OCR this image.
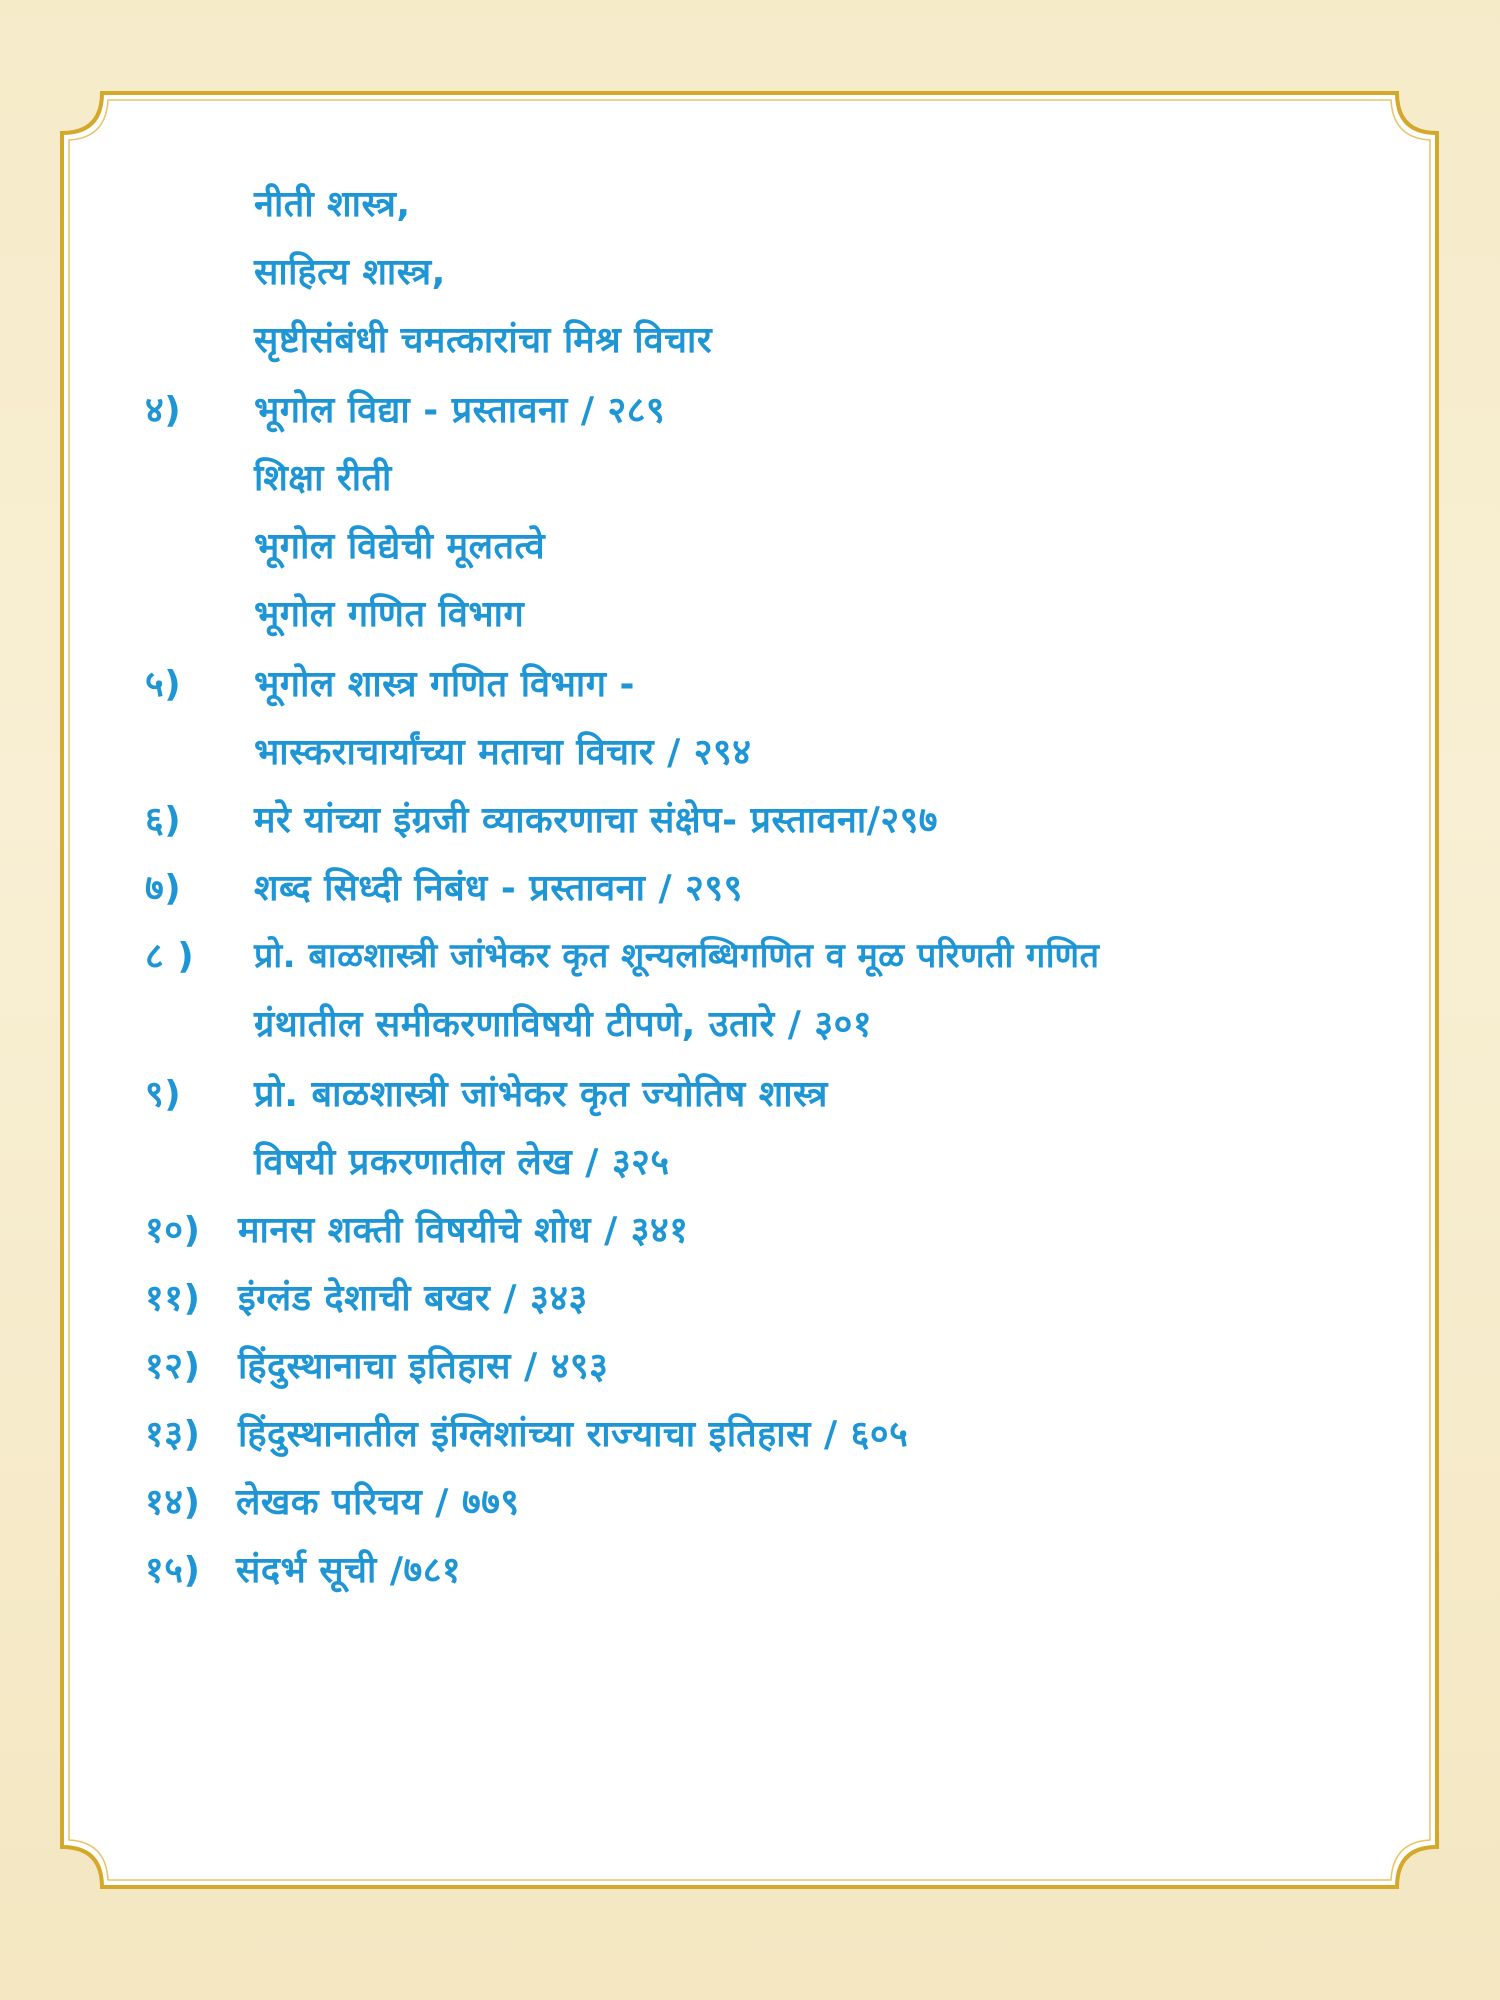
नीती शास्त्र,
साहित्य शास्त्र,
सृष्टीसंबंधी चमत्कारांचा मिश्र विचार
४)	भूगोल विद्या - प्रस्तावना / २८९
शिक्षा रीती
भूगोल विद्येची मूलतत्वे
भूगोल गणित विभाग
५)	भूगोल शास्त्र गणित विभाग -
भास्कराचार्यांच्या मताचा विचार / २९४
६)	मरे यांच्या इंग्रजी व्याकरणाचा संक्षेप- प्रस्तावना/२९७
७)	शब्द सिध्दी निबंध - प्रस्तावना / २९९
८ )	प्रो. बाळशास्त्री जांभेकर कृत शून्यलब्धिगणित व मूळ परिणती गणित
ग्रंथातील समीकरणाविषयी टीपणे, उतारे / ३०१
९)	प्रो. बाळशास्त्री जांभेकर कृत ज्योतिष शास्त्र
विषयी प्रकरणातील लेख / ३२५
१०)	मानस शक्ती विषयीचे शोध / ३४१
११)	इंग्लंड देशाची बखर / ३४३
१२)	हिंदुस्थानाचा इतिहास / ४९३
१३)	हिंदुस्थानातील इंग्लिशांच्या राज्याचा इतिहास / ६०५
१४) लेखक परिचय / ७७९
१५) संदर्भ सूची /७८१
